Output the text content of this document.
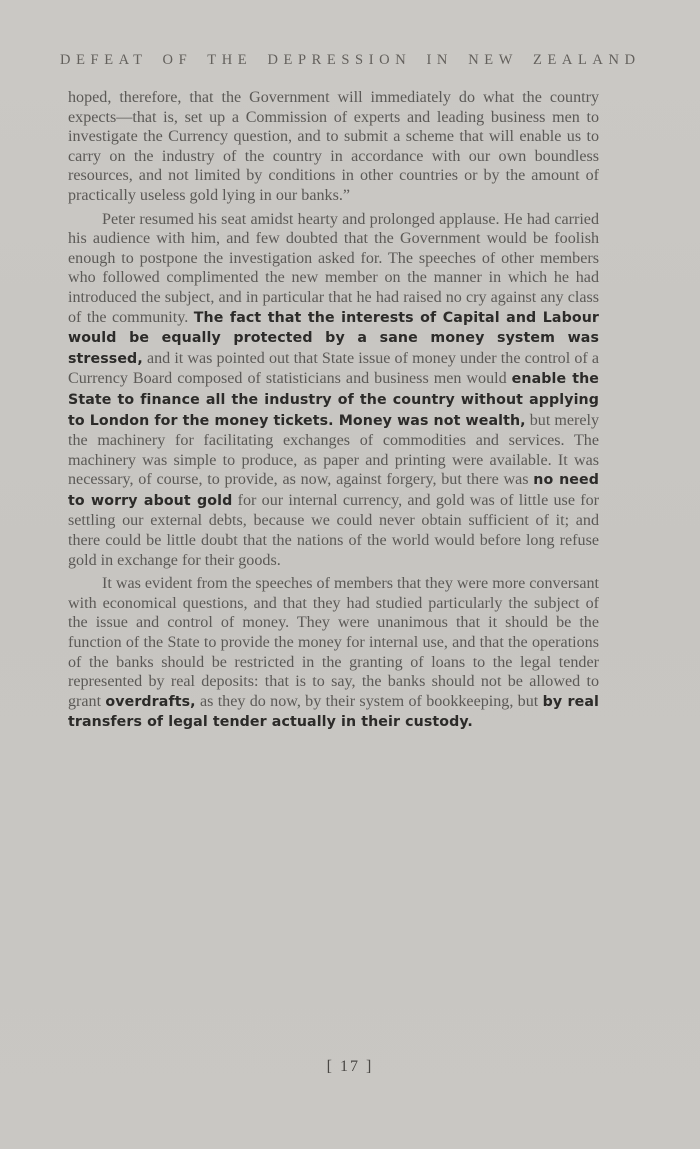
DEFEAT OF THE DEPRESSION IN NEW ZEALAND

hoped, therefore, that the Government will immediately do what the country expects—that is, set up a Commission of experts and leading business men to investigate the Currency question, and to submit a scheme that will enable us to carry on the industry of the country in accordance with our own boundless resources, and not limited by conditions in other countries or by the amount of practically useless gold lying in our banks.”

Peter resumed his seat amidst hearty and prolonged applause. He had carried his audience with him, and few doubted that the Government would be foolish enough to postpone the investigation asked for. The speeches of other members who followed complimented the new member on the manner in which he had introduced the subject, and in particular that he had raised no cry against any class of the community. The fact that the interests of Capital and Labour would be equally protected by a sane money system was stressed, and it was pointed out that State issue of money under the control of a Currency Board composed of statisticians and business men would enable the State to finance all the industry of the country without applying to London for the money tickets. Money was not wealth, but merely the machinery for facilitating exchanges of commodities and services. The machinery was simple to produce, as paper and printing were available. It was necessary, of course, to provide, as now, against forgery, but there was no need to worry about gold for our internal currency, and gold was of little use for settling our external debts, because we could never obtain sufficient of it; and there could be little doubt that the nations of the world would before long refuse gold in exchange for their goods.

It was evident from the speeches of members that they were more conversant with economical questions, and that they had studied particularly the subject of the issue and control of money. They were unanimous that it should be the function of the State to provide the money for internal use, and that the operations of the banks should be restricted in the granting of loans to the legal tender represented by real deposits: that is to say, the banks should not be allowed to grant overdrafts, as they do now, by their system of bookkeeping, but by real transfers of legal tender actually in their custody.

[ 17 ]
